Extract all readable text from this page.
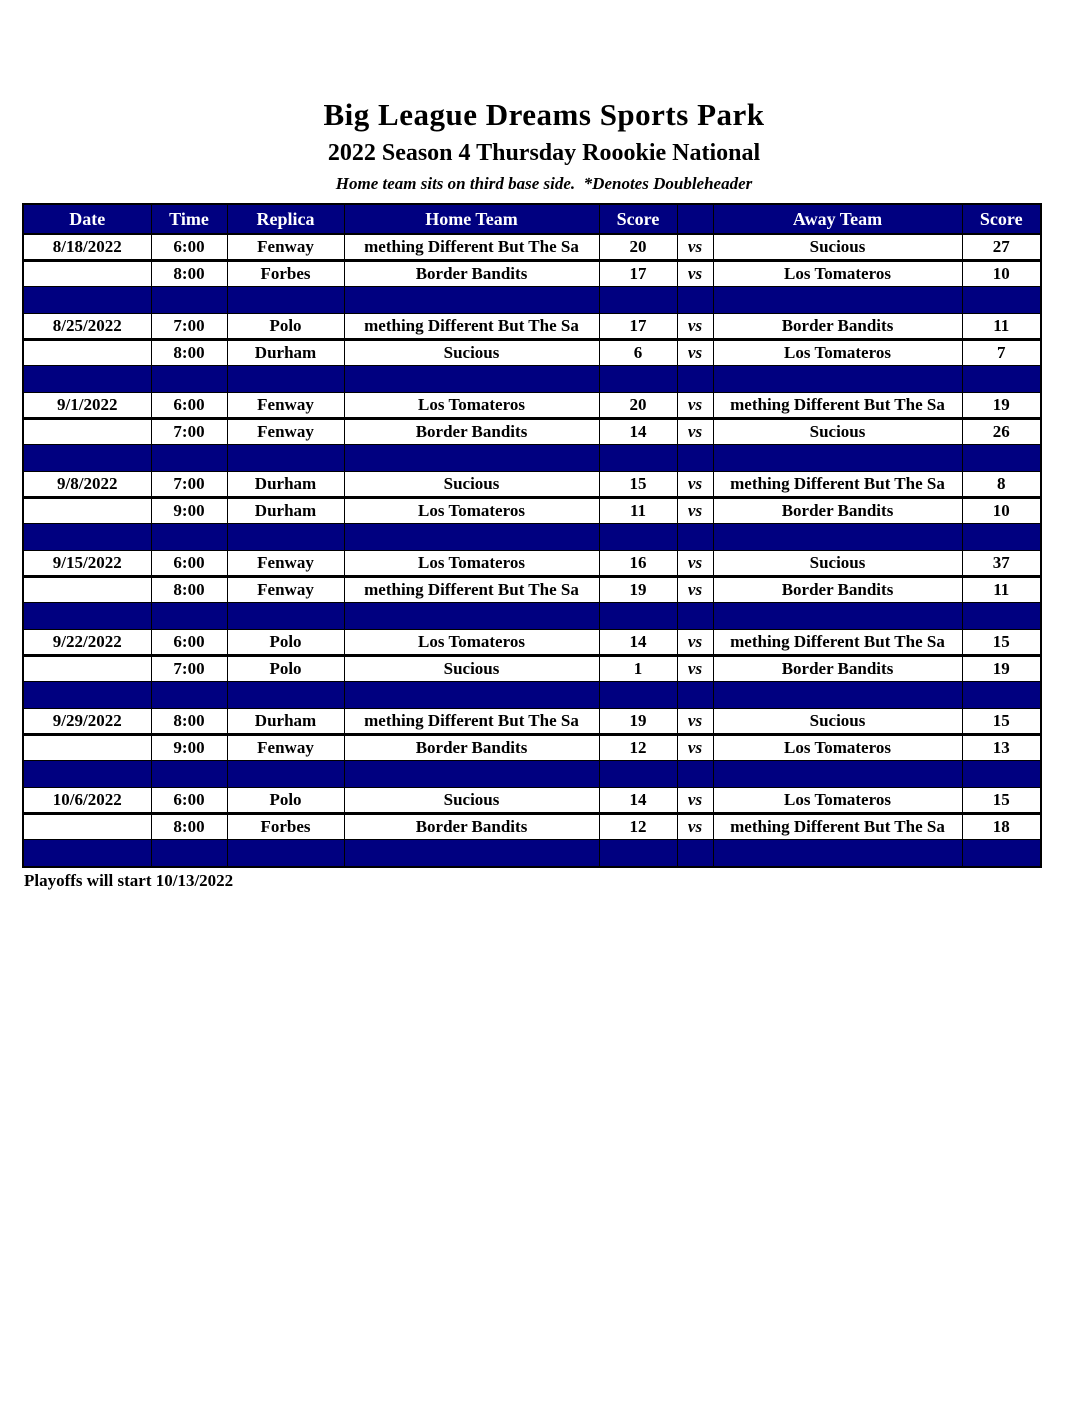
Big League Dreams Sports Park
2022 Season 4 Thursday Roookie National
Home team sits on third base side.  *Denotes Doubleheader
Date	Time	Replica	Home Team	Score		Away Team	Score
8/18/2022	6:00	Fenway	mething Different But The Sa	20	vs	Sucious	27
	8:00	Forbes	Border Bandits	17	vs	Los Tomateros	10

8/25/2022	7:00	Polo	mething Different But The Sa	17	vs	Border Bandits	11
	8:00	Durham	Sucious	6	vs	Los Tomateros	7

9/1/2022	6:00	Fenway	Los Tomateros	20	vs	mething Different But The Sa	19
	7:00	Fenway	Border Bandits	14	vs	Sucious	26

9/8/2022	7:00	Durham	Sucious	15	vs	mething Different But The Sa	8
	9:00	Durham	Los Tomateros	11	vs	Border Bandits	10

9/15/2022	6:00	Fenway	Los Tomateros	16	vs	Sucious	37
	8:00	Fenway	mething Different But The Sa	19	vs	Border Bandits	11

9/22/2022	6:00	Polo	Los Tomateros	14	vs	mething Different But The Sa	15
	7:00	Polo	Sucious	1	vs	Border Bandits	19

9/29/2022	8:00	Durham	mething Different But The Sa	19	vs	Sucious	15
	9:00	Fenway	Border Bandits	12	vs	Los Tomateros	13

10/6/2022	6:00	Polo	Sucious	14	vs	Los Tomateros	15
	8:00	Forbes	Border Bandits	12	vs	mething Different But The Sa	18

Playoffs will start 10/13/2022
